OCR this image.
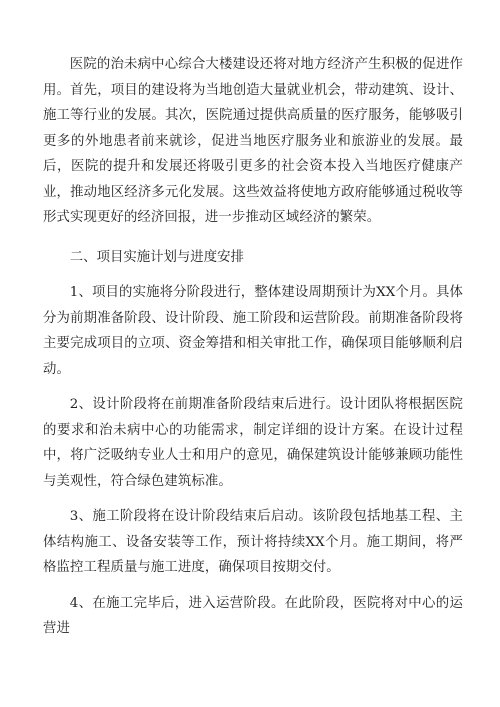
医院的治未病中心综合大楼建设还将对地方经济产生积极的促进作用。首先，项目的建设将为当地创造大量就业机会，带动建筑、设计、施工等行业的发展。其次，医院通过提供高质量的医疗服务，能够吸引更多的外地患者前来就诊，促进当地医疗服务业和旅游业的发展。最后，医院的提升和发展还将吸引更多的社会资本投入当地医疗健康产业，推动地区经济多元化发展。这些效益将使地方政府能够通过税收等形式实现更好的经济回报，进一步推动区域经济的繁荣。

二、项目实施计划与进度安排

1、项目的实施将分阶段进行，整体建设周期预计为XX个月。具体分为前期准备阶段、设计阶段、施工阶段和运营阶段。前期准备阶段将主要完成项目的立项、资金筹措和相关审批工作，确保项目能够顺利启动。

2、设计阶段将在前期准备阶段结束后进行。设计团队将根据医院的要求和治未病中心的功能需求，制定详细的设计方案。在设计过程中，将广泛吸纳专业人士和用户的意见，确保建筑设计能够兼顾功能性与美观性，符合绿色建筑标准。

3、施工阶段将在设计阶段结束后启动。该阶段包括地基工程、主体结构施工、设备安装等工作，预计将持续XX个月。施工期间，将严格监控工程质量与施工进度，确保项目按期交付。

4、在施工完毕后，进入运营阶段。在此阶段，医院将对中心的运营进
